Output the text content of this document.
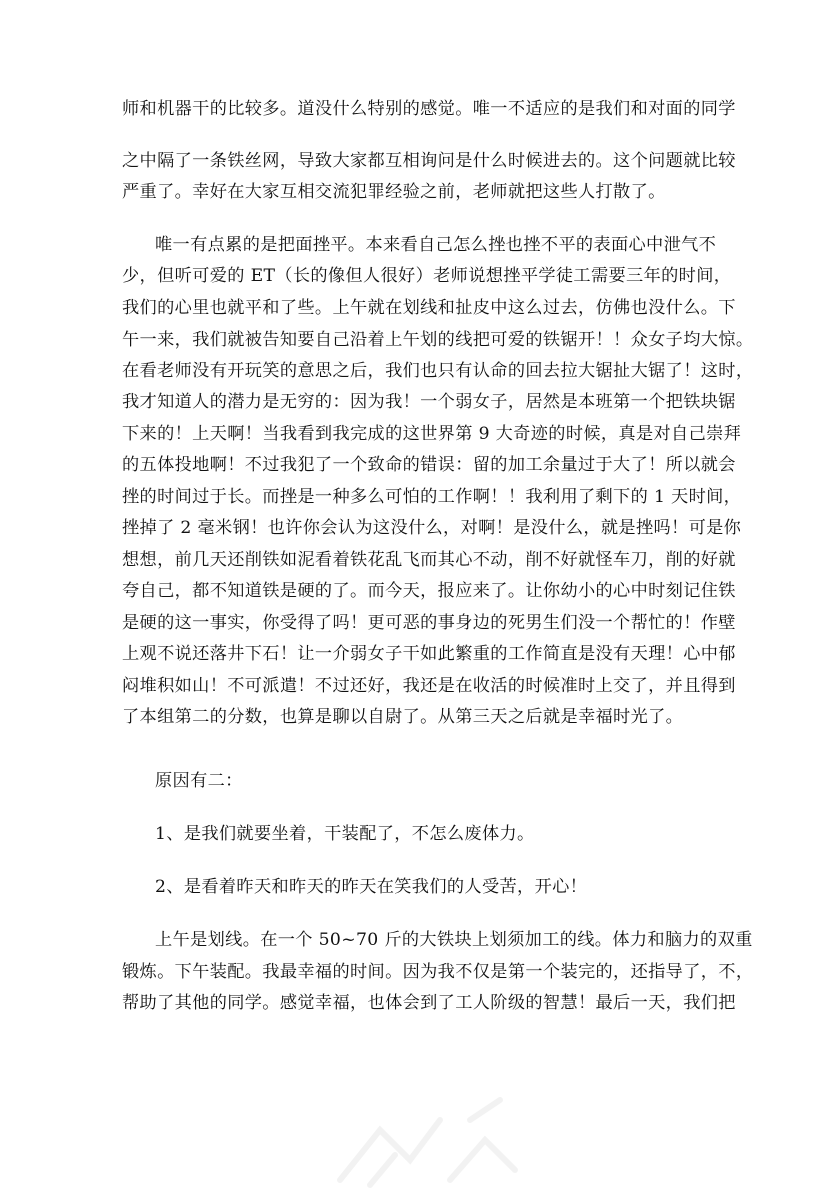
师和机器干的比较多。道没什么特别的感觉。唯一不适应的是我们和对面的同学
之中隔了一条铁丝网，导致大家都互相询问是什么时候进去的。这个问题就比较
严重了。幸好在大家互相交流犯罪经验之前，老师就把这些人打散了。
唯一有点累的是把面挫平。本来看自己怎么挫也挫不平的表面心中泄气不
少，但听可爱的 ET（长的像但人很好）老师说想挫平学徒工需要三年的时间，
我们的心里也就平和了些。上午就在划线和扯皮中这么过去，仿佛也没什么。下
午一来，我们就被告知要自己沿着上午划的线把可爱的铁锯开！！众女子均大惊。
在看老师没有开玩笑的意思之后，我们也只有认命的回去拉大锯扯大锯了！这时，
我才知道人的潜力是无穷的：因为我！一个弱女子，居然是本班第一个把铁块锯
下来的！上天啊！当我看到我完成的这世界第 9 大奇迹的时候，真是对自己崇拜
的五体投地啊！不过我犯了一个致命的错误：留的加工余量过于大了！所以就会
挫的时间过于长。而挫是一种多么可怕的工作啊！！我利用了剩下的 1 天时间，
挫掉了 2 毫米钢！也许你会认为这没什么，对啊！是没什么，就是挫吗！可是你
想想，前几天还削铁如泥看着铁花乱飞而其心不动，削不好就怪车刀，削的好就
夸自己，都不知道铁是硬的了。而今天，报应来了。让你幼小的心中时刻记住铁
是硬的这一事实，你受得了吗！更可恶的事身边的死男生们没一个帮忙的！作壁
上观不说还落井下石！让一介弱女子干如此繁重的工作简直是没有天理！心中郁
闷堆积如山！不可派遣！不过还好，我还是在收活的时候准时上交了，并且得到
了本组第二的分数，也算是聊以自尉了。从第三天之后就是幸福时光了。
原因有二：
1、是我们就要坐着，干装配了，不怎么废体力。
2、是看着昨天和昨天的昨天在笑我们的人受苦，开心！
上午是划线。在一个 50~70 斤的大铁块上划须加工的线。体力和脑力的双重
锻炼。下午装配。我最幸福的时间。因为我不仅是第一个装完的，还指导了，不，
帮助了其他的同学。感觉幸福，也体会到了工人阶级的智慧！最后一天，我们把
